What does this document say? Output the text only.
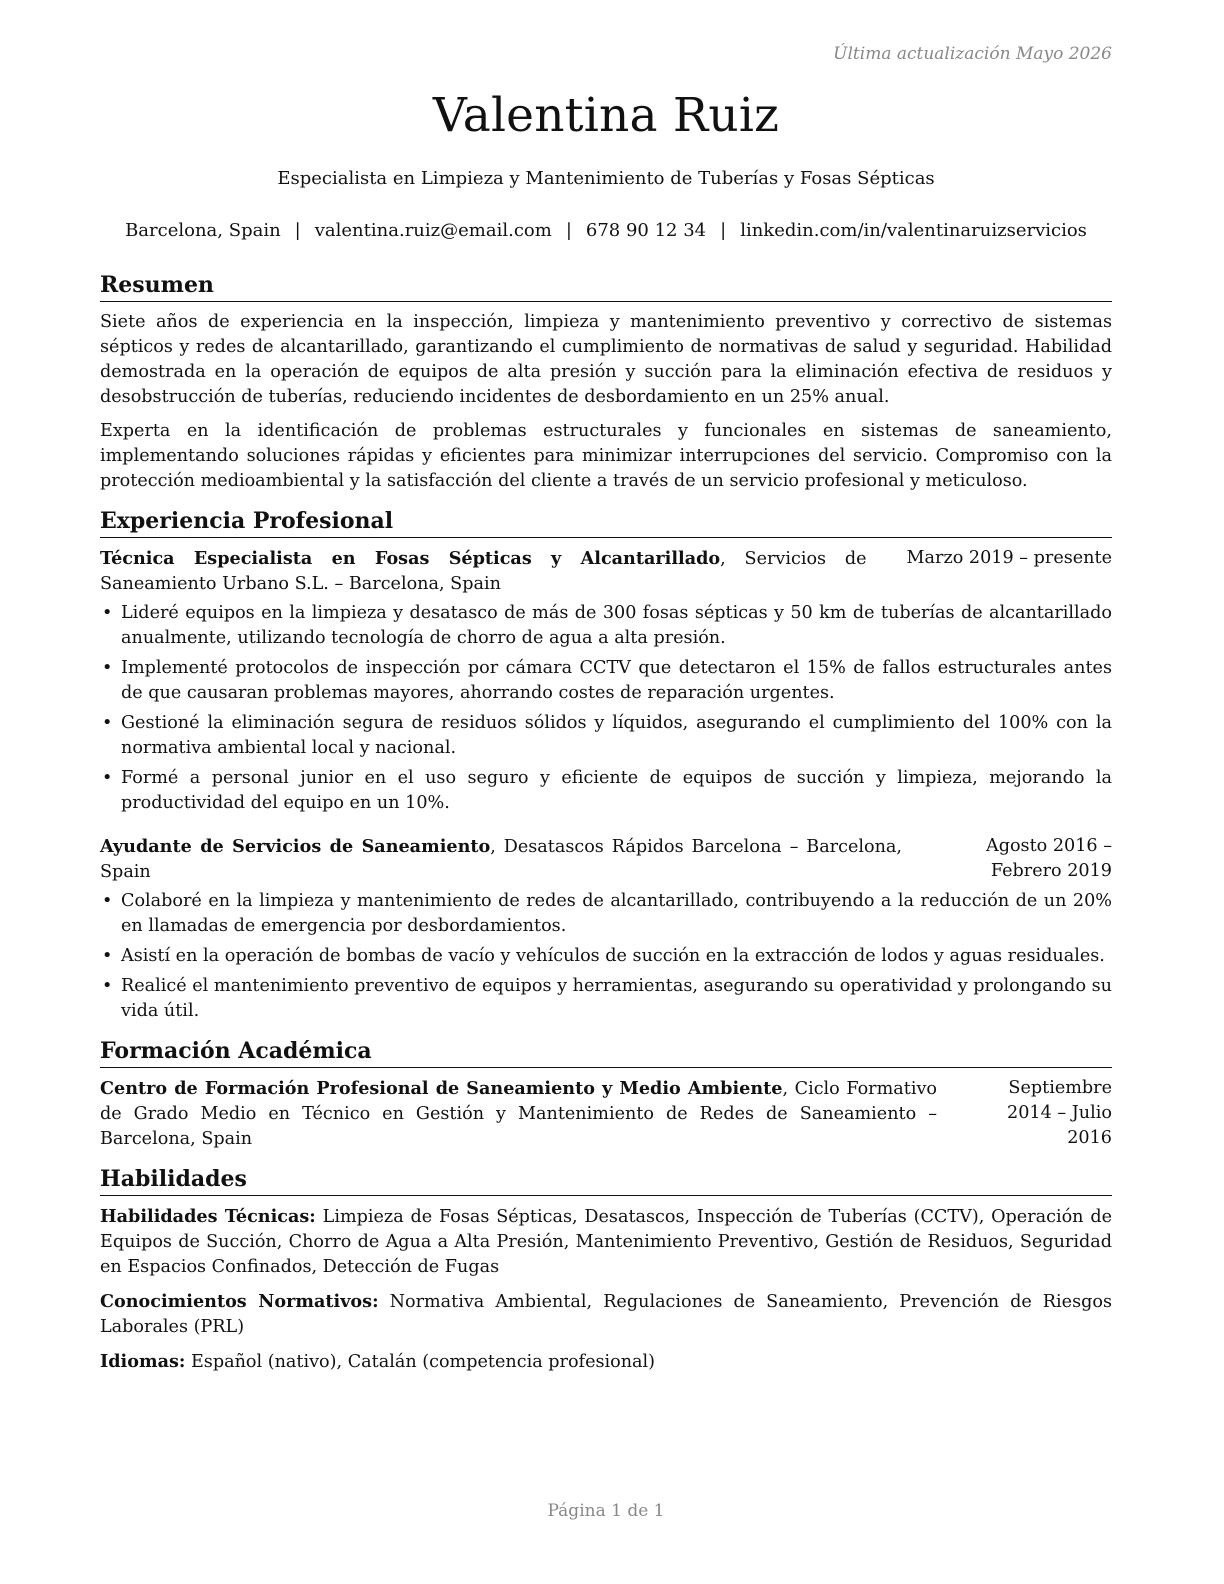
Última actualización Mayo 2026
Valentina Ruiz
Especialista en Limpieza y Mantenimiento de Tuberías y Fosas Sépticas
Barcelona, Spain | valentina.ruiz@email.com | 678 90 12 34 | linkedin.com/in/valentinaruizservicios
Resumen

Siete años de experiencia en la inspección, limpieza y mantenimiento preventivo y correctivo de sistemas sépticos y redes de alcantarillado, garantizando el cumplimiento de normativas de salud y seguridad. Habilidad demostrada en la operación de equipos de alta presión y succión para la eliminación efectiva de residuos y desobstrucción de tuberías, reduciendo incidentes de desbordamiento en un 25% anual.

Experta en la identificación de problemas estructurales y funcionales en sistemas de saneamiento, implementando soluciones rápidas y eficientes para minimizar interrupciones del servicio. Compromiso con la protección medioambiental y la satisfacción del cliente a través de un servicio profesional y meticuloso.

Experiencia Profesional
Técnica Especialista en Fosas Sépticas y Alcantarillado, Servicios de Saneamiento Urbano S.L. – Barcelona, Spain
Marzo 2019 – presente
• Lideré equipos en la limpieza y desatasco de más de 300 fosas sépticas y 50 km de tuberías de alcantarillado anualmente, utilizando tecnología de chorro de agua a alta presión.
• Implementé protocolos de inspección por cámara CCTV que detectaron el 15% de fallos estructurales antes de que causaran problemas mayores, ahorrando costes de reparación urgentes.
• Gestioné la eliminación segura de residuos sólidos y líquidos, asegurando el cumplimiento del 100% con la normativa ambiental local y nacional.
• Formé a personal junior en el uso seguro y eficiente de equipos de succión y limpieza, mejorando la productividad del equipo en un 10%.
Ayudante de Servicios de Saneamiento, Desatascos Rápidos Barcelona – Barcelona, Spain
Agosto 2016 – Febrero 2019
• Colaboré en la limpieza y mantenimiento de redes de alcantarillado, contribuyendo a la reducción de un 20% en llamadas de emergencia por desbordamientos.
• Asistí en la operación de bombas de vacío y vehículos de succión en la extracción de lodos y aguas residuales.
• Realicé el mantenimiento preventivo de equipos y herramientas, asegurando su operatividad y prolongando su vida útil.
Formación Académica
Centro de Formación Profesional de Saneamiento y Medio Ambiente, Ciclo Formativo de Grado Medio en Técnico en Gestión y Mantenimiento de Redes de Saneamiento – Barcelona, Spain
Septiembre 2014 – Julio 2016
Habilidades

Habilidades Técnicas: Limpieza de Fosas Sépticas, Desatascos, Inspección de Tuberías (CCTV), Operación de Equipos de Succión, Chorro de Agua a Alta Presión, Mantenimiento Preventivo, Gestión de Residuos, Seguridad en Espacios Confinados, Detección de Fugas

Conocimientos Normativos: Normativa Ambiental, Regulaciones de Saneamiento, Prevención de Riesgos Laborales (PRL)

Idiomas: Español (nativo), Catalán (competencia profesional)

Página 1 de 1
